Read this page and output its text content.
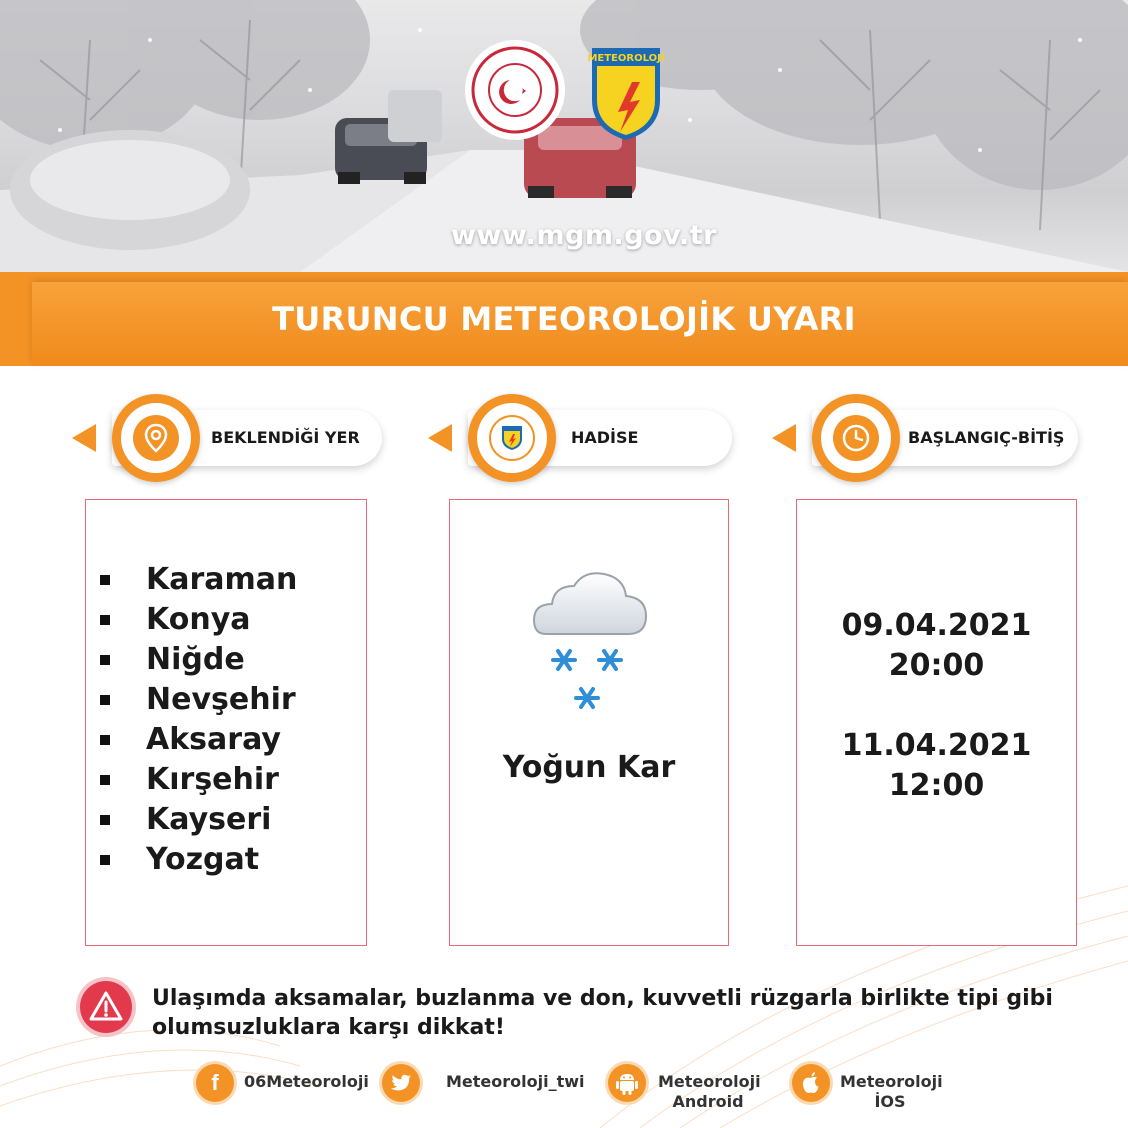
METEOROLOJİ
www.mgm.gov.tr
TURUNCU METEOROLOJİK UYARI
BEKLENDİĞİ YER	HADİSE	BAŞLANGIÇ-BİTİŞ
Karaman
Konya
Niğde
Nevşehir
Aksaray
Kırşehir
Kayseri
Yozgat
Yoğun Kar
09.04.2021
20:00
11.04.2021
12:00
Ulaşımda aksamalar, buzlanma ve don, kuvvetli rüzgarla birlikte tipi gibi olumsuzluklara karşı dikkat!
f 06Meteoroloji	Meteoroloji_twi	Meteoroloji
Android
Meteoroloji
İOS
